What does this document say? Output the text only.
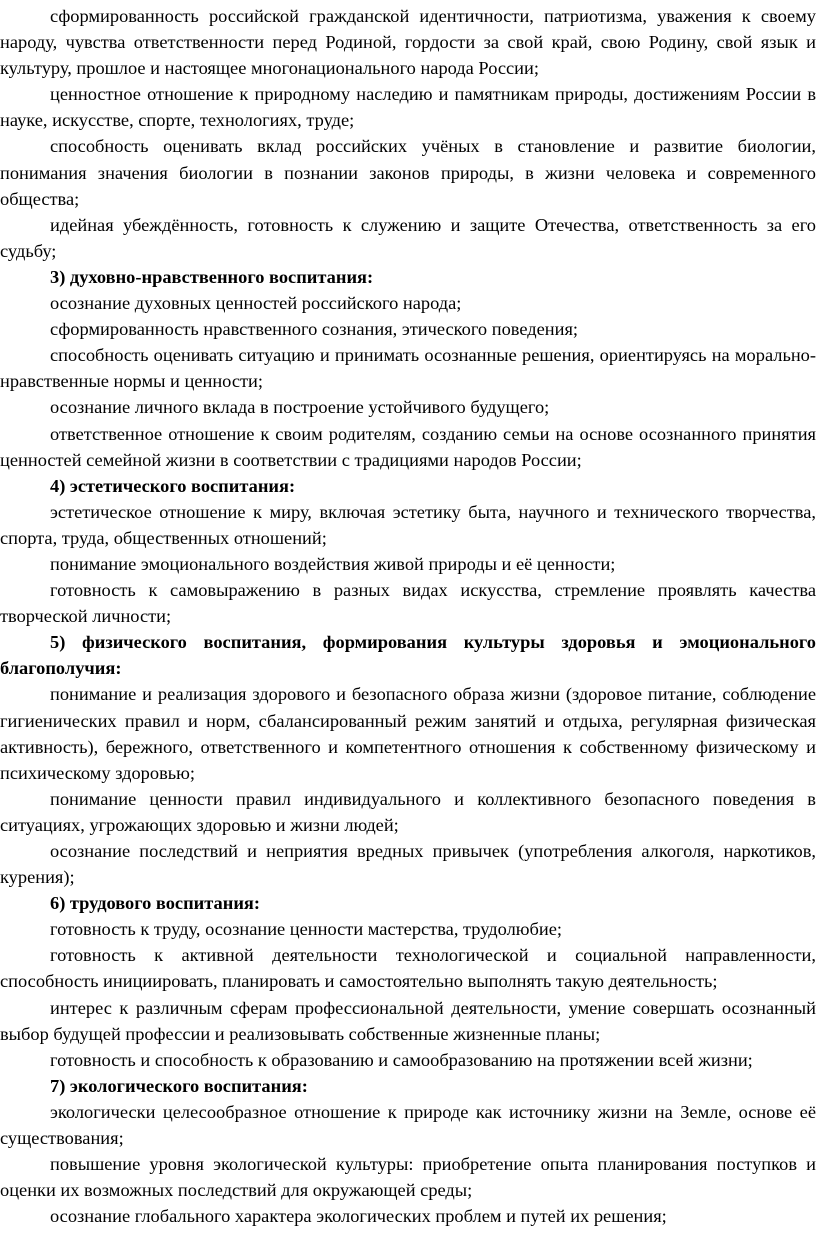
сформированность российской гражданской идентичности, патриотизма, уважения к своему народу, чувства ответственности перед Родиной, гордости за свой край, свою Родину, свой язык и культуру, прошлое и настоящее многонационального народа России;

ценностное отношение к природному наследию и памятникам природы, достижениям России в науке, искусстве, спорте, технологиях, труде;

способность оценивать вклад российских учёных в становление и развитие биологии, понимания значения биологии в познании законов природы, в жизни человека и современного общества;

идейная убеждённость, готовность к служению и защите Отечества, ответственность за его судьбу;

3) духовно-нравственного воспитания:

осознание духовных ценностей российского народа;

сформированность нравственного сознания, этического поведения;

способность оценивать ситуацию и принимать осознанные решения, ориентируясь на морально-нравственные нормы и ценности;

осознание личного вклада в построение устойчивого будущего;

ответственное отношение к своим родителям, созданию семьи на основе осознанного принятия ценностей семейной жизни в соответствии с традициями народов России;

4) эстетического воспитания:

эстетическое отношение к миру, включая эстетику быта, научного и технического творчества, спорта, труда, общественных отношений;

понимание эмоционального воздействия живой природы и её ценности;

готовность к самовыражению в разных видах искусства, стремление проявлять качества творческой личности;

5) физического воспитания, формирования культуры здоровья и эмоционального благополучия:

понимание и реализация здорового и безопасного образа жизни (здоровое питание, соблюдение гигиенических правил и норм, сбалансированный режим занятий и отдыха, регулярная физическая активность), бережного, ответственного и компетентного отношения к собственному физическому и психическому здоровью;

понимание ценности правил индивидуального и коллективного безопасного поведения в ситуациях, угрожающих здоровью и жизни людей;

осознание последствий и неприятия вредных привычек (употребления алкоголя, наркотиков, курения);

6) трудового воспитания:

готовность к труду, осознание ценности мастерства, трудолюбие;

готовность к активной деятельности технологической и социальной направленности, способность инициировать, планировать и самостоятельно выполнять такую деятельность;

интерес к различным сферам профессиональной деятельности, умение совершать осознанный выбор будущей профессии и реализовывать собственные жизненные планы;

готовность и способность к образованию и самообразованию на протяжении всей жизни;

7) экологического воспитания:

экологически целесообразное отношение к природе как источнику жизни на Земле, основе её существования;

повышение уровня экологической культуры: приобретение опыта планирования поступков и оценки их возможных последствий для окружающей среды;

осознание глобального характера экологических проблем и путей их решения;
